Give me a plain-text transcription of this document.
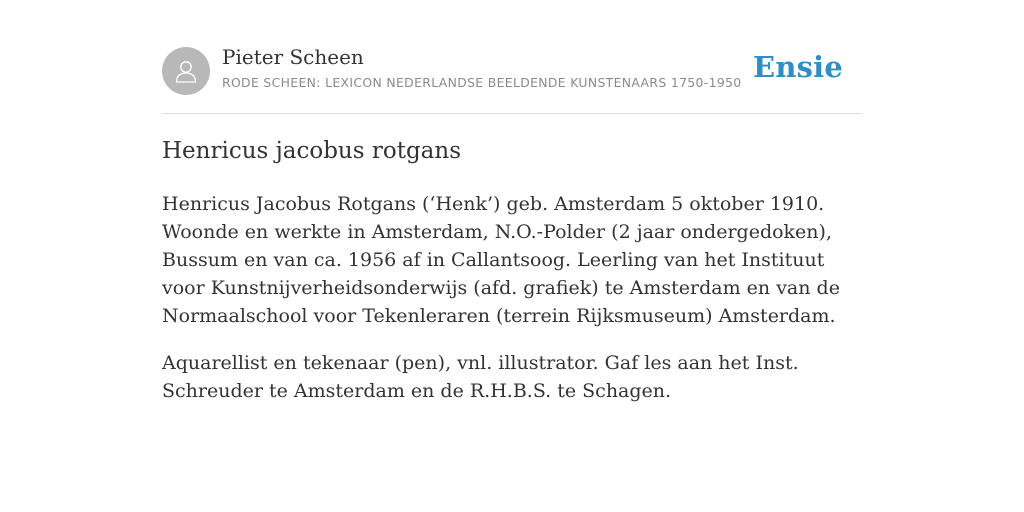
Pieter Scheen
RODE SCHEEN: LEXICON NEDERLANDSE BEELDENDE KUNSTENAARS 1750-1950 Ensie
Henricus jacobus rotgans

Henricus Jacobus Rotgans (‘Henk’) geb. Amsterdam 5 oktober 1910. Woonde en werkte in Amsterdam, N.O.-Polder (2 jaar ondergedoken), Bussum en van ca. 1956 af in Callantsoog. Leerling van het Instituut voor Kunstnijverheidsonderwijs (afd. grafiek) te Amsterdam en van de Normaalschool voor Tekenleraren (terrein Rijksmuseum) Amsterdam.

Aquarellist en tekenaar (pen), vnl. illustrator. Gaf les aan het Inst. Schreuder te Amsterdam en de R.H.B.S. te Schagen.
